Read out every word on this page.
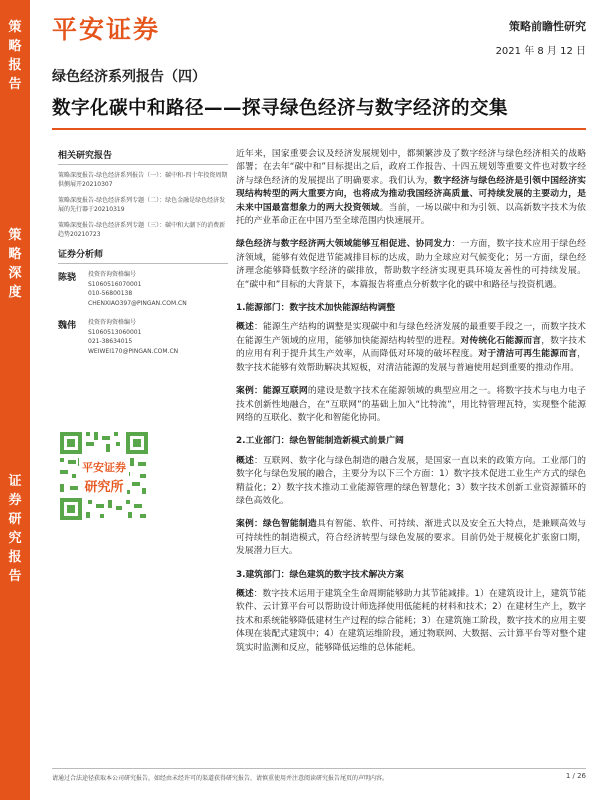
策略报告
策略深度
证券研究报告
平安证券	策略前瞻性研究
2021 年 8 月 12 日
绿色经济系列报告（四）
数字化碳中和路径——探寻绿色经济与数字经济的交集
相关研究报告
策略深度报告-绿色经济系列报告（一）：碳中和-四十年投资周期供侧展开20210307
策略深度报告-绿色经济系列专题（二）：绿色金融是绿色经济发展的先行器于20210319
策略深度报告-绿色经济系列专题（三）：碳中和大潮下的消费新趋势20210723
证券分析师
陈骁	投资咨询资格编号
S1060516070001
010-56800138
CHENXIAO397@PINGAN.COM.CN
魏伟	投资咨询资格编号
S1060513060001
021-38634015
WEIWEI170@PINGAN.COM.CN
平安证券
研究所

近年来，国家重要会议及经济发展规划中，都频繁涉及了数字经济与绿色经济相关的战略部署；在去年“碳中和”目标提出之后，政府工作报告、十四五规划等重要文件也对数字经济与绿色经济的发展提出了明确要求。我们认为，数字经济与绿色经济是引领中国经济实现结构转型的两大重要方向，也将成为推动我国经济高质量、可持续发展的主要动力，是未来中国最富想象力的两大投资领域。当前，一场以碳中和为引领、以高新数字技术为依托的产业革命正在中国乃至全球范围内快速展开。

绿色经济与数字经济两大领域能够互相促进、协同发力：一方面，数字技术应用于绿色经济领域，能够有效促进节能减排目标的达成，助力全球应对气候变化；另一方面，绿色经济理念能够降低数字经济的碳排放，帮助数字经济实现更具环境友善性的可持续发展。在“碳中和”目标的大背景下，本篇报告将重点分析数字化的碳中和路径与投资机遇。

1.能源部门：数字技术加快能源结构调整

概述：能源生产结构的调整是实现碳中和与绿色经济发展的最重要手段之一，而数字技术在能源生产领域的应用，能够加快能源结构转型的进程。对传统化石能源而言，数字技术的应用有利于提升其生产效率，从而降低对环境的破坏程度。对于清洁可再生能源而言，数字技术能够有效帮助解决其短板，对清洁能源的发展与普遍使用起到重要的推动作用。

案例：能源互联网的建设是数字技术在能源领域的典型应用之一。将数字技术与电力电子技术创新性地融合，在“互联网”的基础上加入“比特流”，用比特管理瓦特，实现整个能源网络的互联化、数字化和智能化协同。

2.工业部门：绿色智能制造新模式前景广阔

概述：互联网、数字化与绿色制造的融合发展，是国家一直以来的政策方向。工业部门的数字化与绿色发展的融合，主要分为以下三个方面：1）数字技术促进工业生产方式的绿色精益化；2）数字技术推动工业能源管理的绿色智慧化；3）数字技术创新工业资源循环的绿色高效化。

案例：绿色智能制造具有智能、软件、可持续、渐进式以及安全五大特点，是兼顾高效与可持续性的制造模式，符合经济转型与绿色发展的要求。目前仍处于规模化扩张窗口期，发展潜力巨大。

3.建筑部门：绿色建筑的数字技术解决方案

概述：数字技术运用于建筑全生命周期能够助力其节能减排。1）在建筑设计上，建筑节能软件、云计算平台可以帮助设计师选择使用低能耗的材料和技术；2）在建材生产上，数字技术和系统能够降低建材生产过程的综合能耗；3）在建筑施工阶段，数字技术的应用主要体现在装配式建筑中；4）在建筑运维阶段，通过物联网、大数据、云计算平台等对整个建筑实时监测和反应，能够降低运维的总体能耗。

请通过合法途径获取本公司研究报告，如经由未经许可的渠道获得研究报告，请慎重使用并注意阅读研究报告尾页的声明内容。	1 / 26
